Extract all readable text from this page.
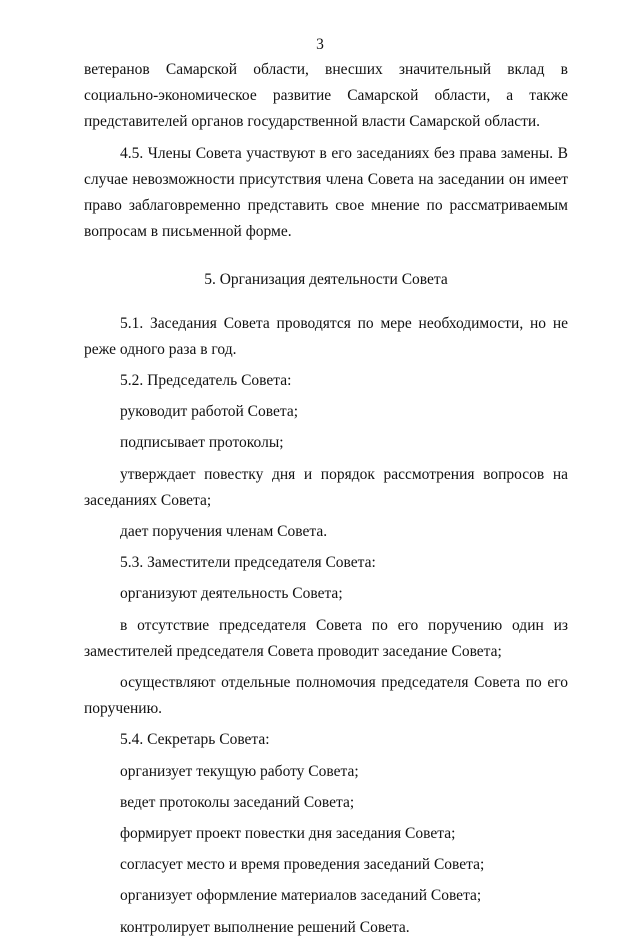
3

ветеранов Самарской области, внесших значительный вклад в социально-экономическое развитие Самарской области, а также представителей органов государственной власти Самарской области.

4.5. Члены Совета участвуют в его заседаниях без права замены. В случае невозможности присутствия члена Совета на заседании он имеет право заблаговременно представить свое мнение по рассматриваемым вопросам в письменной форме.

5. Организация деятельности Совета

5.1. Заседания Совета проводятся по мере необходимости, но не реже одного раза в год.

5.2. Председатель Совета:

руководит работой Совета;

подписывает протоколы;

утверждает повестку дня и порядок рассмотрения вопросов на заседаниях Совета;

дает поручения членам Совета.

5.3. Заместители председателя Совета:

организуют деятельность Совета;

в отсутствие председателя Совета по его поручению один из заместителей председателя Совета проводит заседание Совета;

осуществляют отдельные полномочия председателя Совета по его поручению.

5.4. Секретарь Совета:

организует текущую работу Совета;

ведет протоколы заседаний Совета;

формирует проект повестки дня заседания Совета;

согласует место и время проведения заседаний Совета;

организует оформление материалов заседаний Совета;

контролирует выполнение решений Совета.
